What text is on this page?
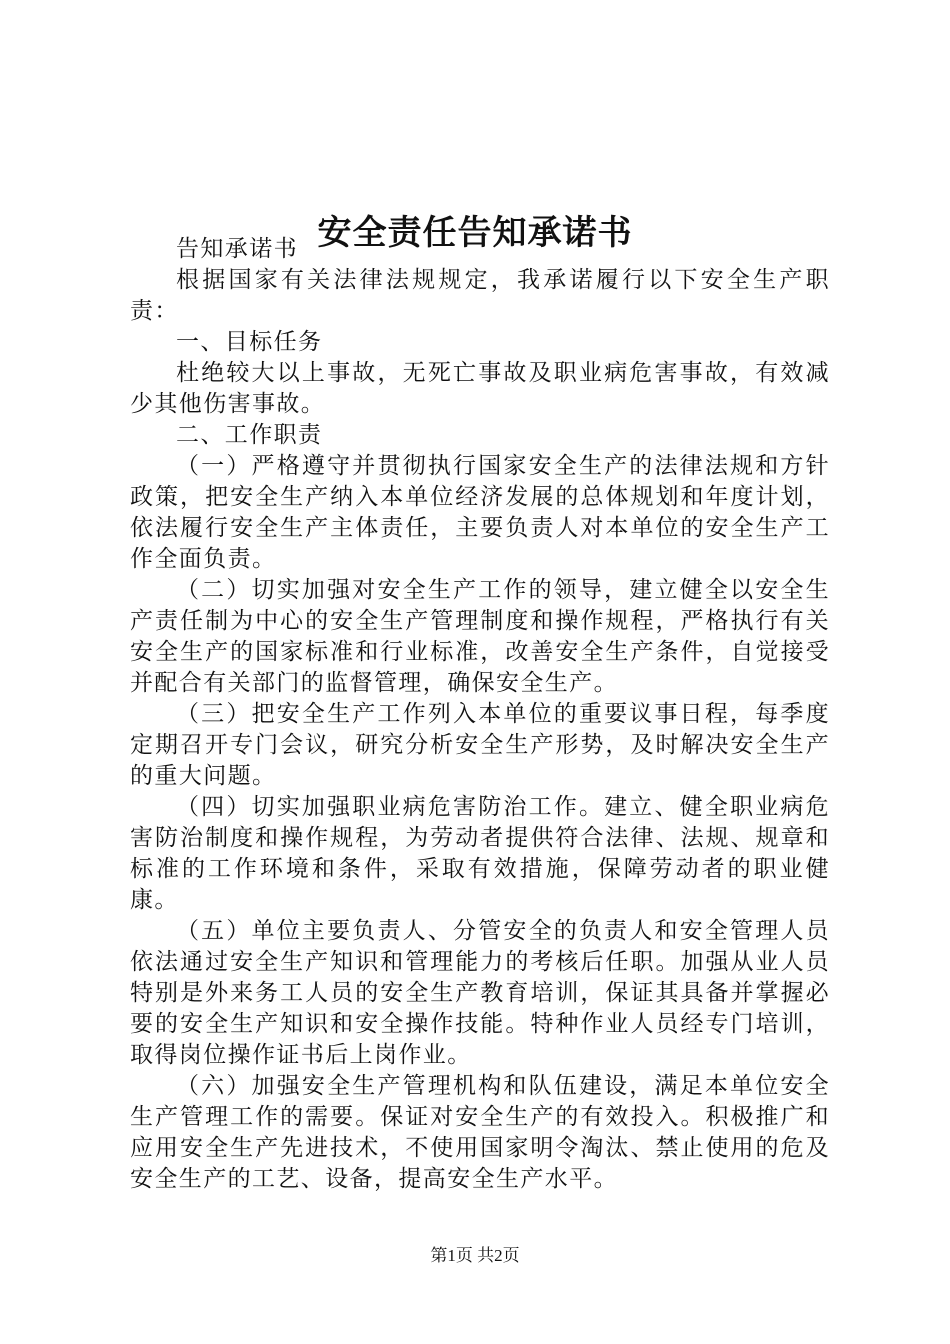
安全责任告知承诺书

告知承诺书

根据国家有关法律法规规定，我承诺履行以下安全生产职责：

一、目标任务

杜绝较大以上事故，无死亡事故及职业病危害事故，有效减少其他伤害事故。

二、工作职责

（一）严格遵守并贯彻执行国家安全生产的法律法规和方针政策，把安全生产纳入本单位经济发展的总体规划和年度计划，依法履行安全生产主体责任，主要负责人对本单位的安全生产工作全面负责。

（二）切实加强对安全生产工作的领导，建立健全以安全生产责任制为中心的安全生产管理制度和操作规程，严格执行有关安全生产的国家标准和行业标准，改善安全生产条件，自觉接受并配合有关部门的监督管理，确保安全生产。

（三）把安全生产工作列入本单位的重要议事日程，每季度定期召开专门会议，研究分析安全生产形势，及时解决安全生产的重大问题。

（四）切实加强职业病危害防治工作。建立、健全职业病危害防治制度和操作规程，为劳动者提供符合法律、法规、规章和标准的工作环境和条件，采取有效措施，保障劳动者的职业健康。

（五）单位主要负责人、分管安全的负责人和安全管理人员依法通过安全生产知识和管理能力的考核后任职。加强从业人员特别是外来务工人员的安全生产教育培训，保证其具备并掌握必要的安全生产知识和安全操作技能。特种作业人员经专门培训，取得岗位操作证书后上岗作业。

（六）加强安全生产管理机构和队伍建设，满足本单位安全生产管理工作的需要。保证对安全生产的有效投入。积极推广和应用安全生产先进技术，不使用国家明令淘汰、禁止使用的危及安全生产的工艺、设备，提高安全生产水平。

第1页 共2页
